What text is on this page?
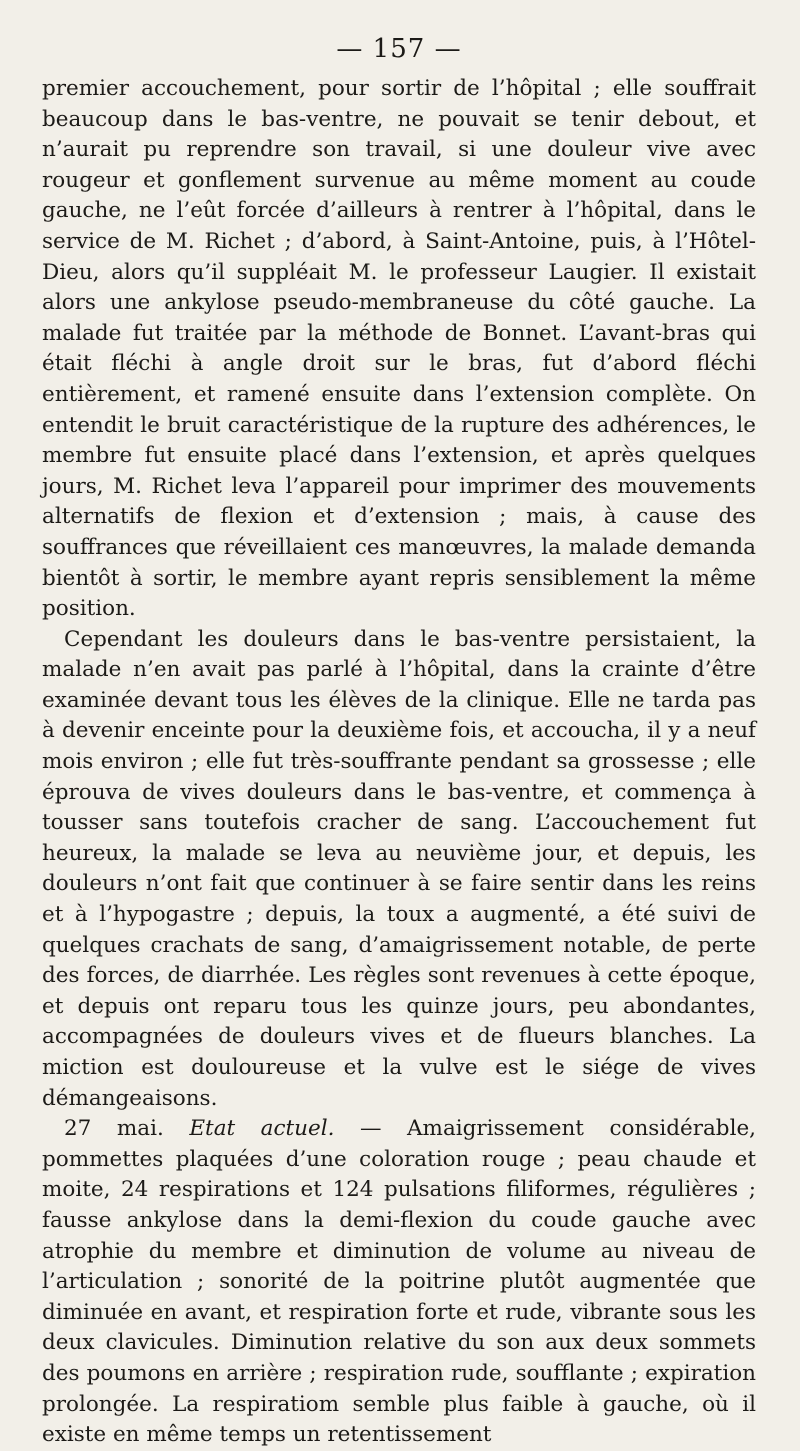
— 157 —

premier accouchement, pour sortir de l’hôpital ; elle souffrait beaucoup dans le bas-ventre, ne pouvait se tenir debout, et n’aurait pu reprendre son travail, si une douleur vive avec rougeur et gonflement survenue au même moment au coude gauche, ne l’eût forcée d’ailleurs à rentrer à l’hôpital, dans le service de M. Richet ; d’abord, à Saint-Antoine, puis, à l’Hôtel-Dieu, alors qu’il suppléait M. le professeur Laugier. Il existait alors une ankylose pseudo-membraneuse du côté gauche. La malade fut traitée par la méthode de Bonnet. L’avant-bras qui était fléchi à angle droit sur le bras, fut d’abord fléchi entièrement, et ramené ensuite dans l’extension complète. On entendit le bruit caractéristique de la rupture des adhérences, le membre fut ensuite placé dans l’extension, et après quelques jours, M. Richet leva l’appareil pour imprimer des mouvements alternatifs de flexion et d’extension ; mais, à cause des souffrances que réveillaient ces manœuvres, la malade demanda bientôt à sortir, le membre ayant repris sensiblement la même position.

Cependant les douleurs dans le bas-ventre persistaient, la malade n’en avait pas parlé à l’hôpital, dans la crainte d’être examinée devant tous les élèves de la clinique. Elle ne tarda pas à devenir enceinte pour la deuxième fois, et accoucha, il y a neuf mois environ ; elle fut très-souffrante pendant sa grossesse ; elle éprouva de vives douleurs dans le bas-ventre, et commença à tousser sans toutefois cracher de sang. L’accouchement fut heureux, la malade se leva au neuvième jour, et depuis, les douleurs n’ont fait que continuer à se faire sentir dans les reins et à l’hypogastre ; depuis, la toux a augmenté, a été suivi de quelques crachats de sang, d’amaigrissement notable, de perte des forces, de diarrhée. Les règles sont revenues à cette époque, et depuis ont reparu tous les quinze jours, peu abondantes, accompagnées de douleurs vives et de flueurs blanches. La miction est douloureuse et la vulve est le siége de vives démangeaisons.

27 mai. Etat actuel. — Amaigrissement considérable, pommettes plaquées d’une coloration rouge ; peau chaude et moite, 24 respirations et 124 pulsations filiformes, régulières ; fausse ankylose dans la demi-flexion du coude gauche avec atrophie du membre et diminution de volume au niveau de l’articulation ; sonorité de la poitrine plutôt augmentée que diminuée en avant, et respiration forte et rude, vibrante sous les deux clavicules. Diminution relative du son aux deux sommets des poumons en arrière ; respiration rude, soufflante ; expiration prolongée. La respiratiom semble plus faible à gauche, où il existe en même temps un retentissement
